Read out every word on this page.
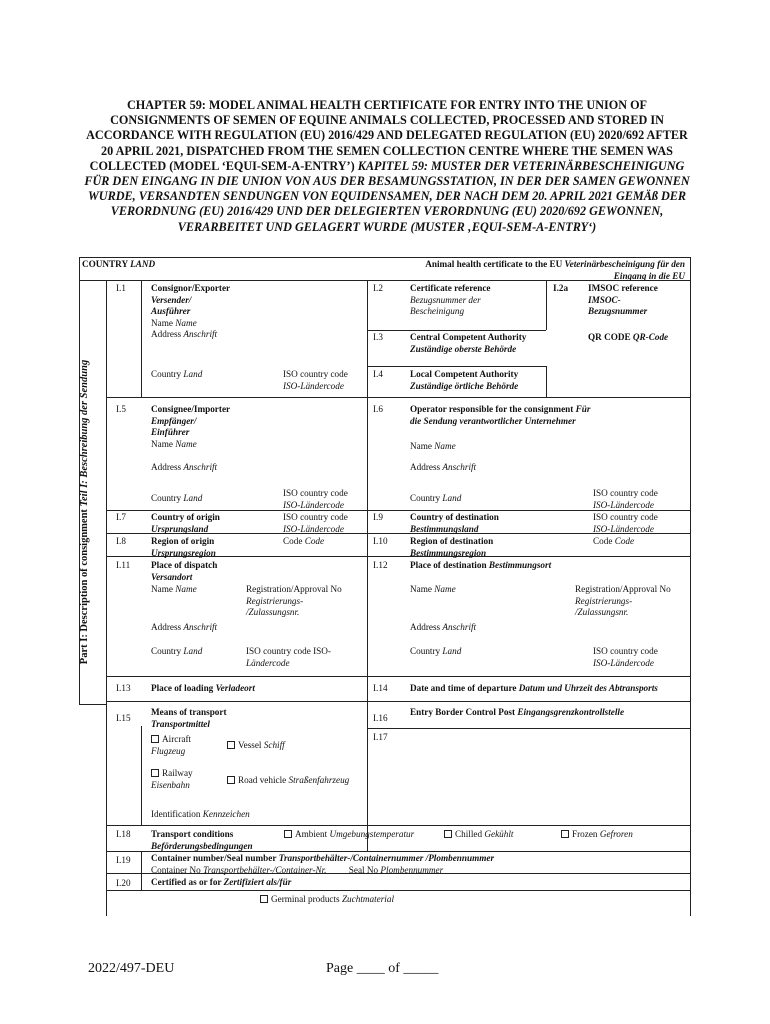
CHAPTER 59: MODEL ANIMAL HEALTH CERTIFICATE FOR ENTRY INTO THE UNION OF CONSIGNMENTS OF SEMEN OF EQUINE ANIMALS COLLECTED, PROCESSED AND STORED IN ACCORDANCE WITH REGULATION (EU) 2016/429 AND DELEGATED REGULATION (EU) 2020/692 AFTER 20 APRIL 2021, DISPATCHED FROM THE SEMEN COLLECTION CENTRE WHERE THE SEMEN WAS COLLECTED (MODEL ‘EQUI-SEM-A-ENTRY’) KAPITEL 59: MUSTER DER VETERINÄRBESCHEINIGUNG FÜR DEN EINGANG IN DIE UNION VON AUS DER BESAMUNGSSTATION, IN DER DER SAMEN GEWONNEN WURDE, VERSANDTEN SENDUNGEN VON EQUIDENSAMEN, DER NACH DEM 20. APRIL 2021 GEMÄß DER VERORDNUNG (EU) 2016/429 UND DER DELEGIERTEN VERORDNUNG (EU) 2020/692 GEWONNEN, VERARBEITET UND GELAGERT WURDE (MUSTER ‚EQUI-SEM-A-ENTRY‘)
COUNTRY LAND	Animal health certificate to the EU Veterinärbescheinigung für den
Eingang in die EU
Part I: Description of consignment Teil I: Beschreibung der Sendung
I.1	Consignor/Exporter
Versender/
Ausführer
Name Name
Address Anschrift
Country Land	ISO country code
ISO-Ländercode
I.2	Certificate reference
Bezugsnummer der
Bescheinigung
I.2a IMSOC reference
IMSOC-
Bezugsnummer
I.3	Central Competent Authority
Zuständige oberste Behörde
QR CODE QR-Code
I.4	Local Competent Authority
Zuständige örtliche Behörde
I.5	Consignee/Importer
Empfänger/
Einführer
Name Name
Address Anschrift
Country Land	ISO country code
ISO-Ländercode
I.6	Operator responsible for the consignment Für
die Sendung verantwortlicher Unternehmer
Name Name
Address Anschrift
Country Land	ISO country code
ISO-Ländercode
I.7	Country of origin
Ursprungsland
ISO country code
ISO-Ländercode
I.8	Region of origin
Ursprungsregion
Code Code
I.9	Country of destination
Bestimmungsland
ISO country code
ISO-Ländercode
I.10 Region of destination
Bestimmungsregion
Code Code
I.11 Place of dispatch
Versandort
Name Name	Registration/Approval No
Registrierungs-
/Zulassungsnr.
Address Anschrift
Country Land	ISO country code ISO-
Ländercode
I.12 Place of destination Bestimmungsort
Name Name	Registration/Approval No
Registrierungs-
/Zulassungsnr.
Address Anschrift
Country Land	ISO country code
ISO-Ländercode
I.13 Place of loading Verladeort	I.14 Date and time of departure Datum und Uhrzeit des Abtransports
I.15
Means of transport
Transportmittel
Aircraft
Flugzeug
Vessel Schiff
Railway
Eisenbahn	Road vehicle Straßenfahrzeug
Identification Kennzeichen
I.16
Entry Border Control Post Eingangsgrenzkontrollstelle
I.17
I.18 Transport conditions
Beförderungsbedingungen
Ambient Umgebungstemperatur	Chilled Gekühlt	Frozen Gefroren
I.19 Container number/Seal number Transportbehälter-/Containernummer /Plombennummer
Container No Transportbehälter-/Container-Nr. Seal No Plombennummer
I.20 Certified as or for Zertifiziert als/für
Germinal products Zuchtmaterial
2022/497-DEU	Page ____ of _____
